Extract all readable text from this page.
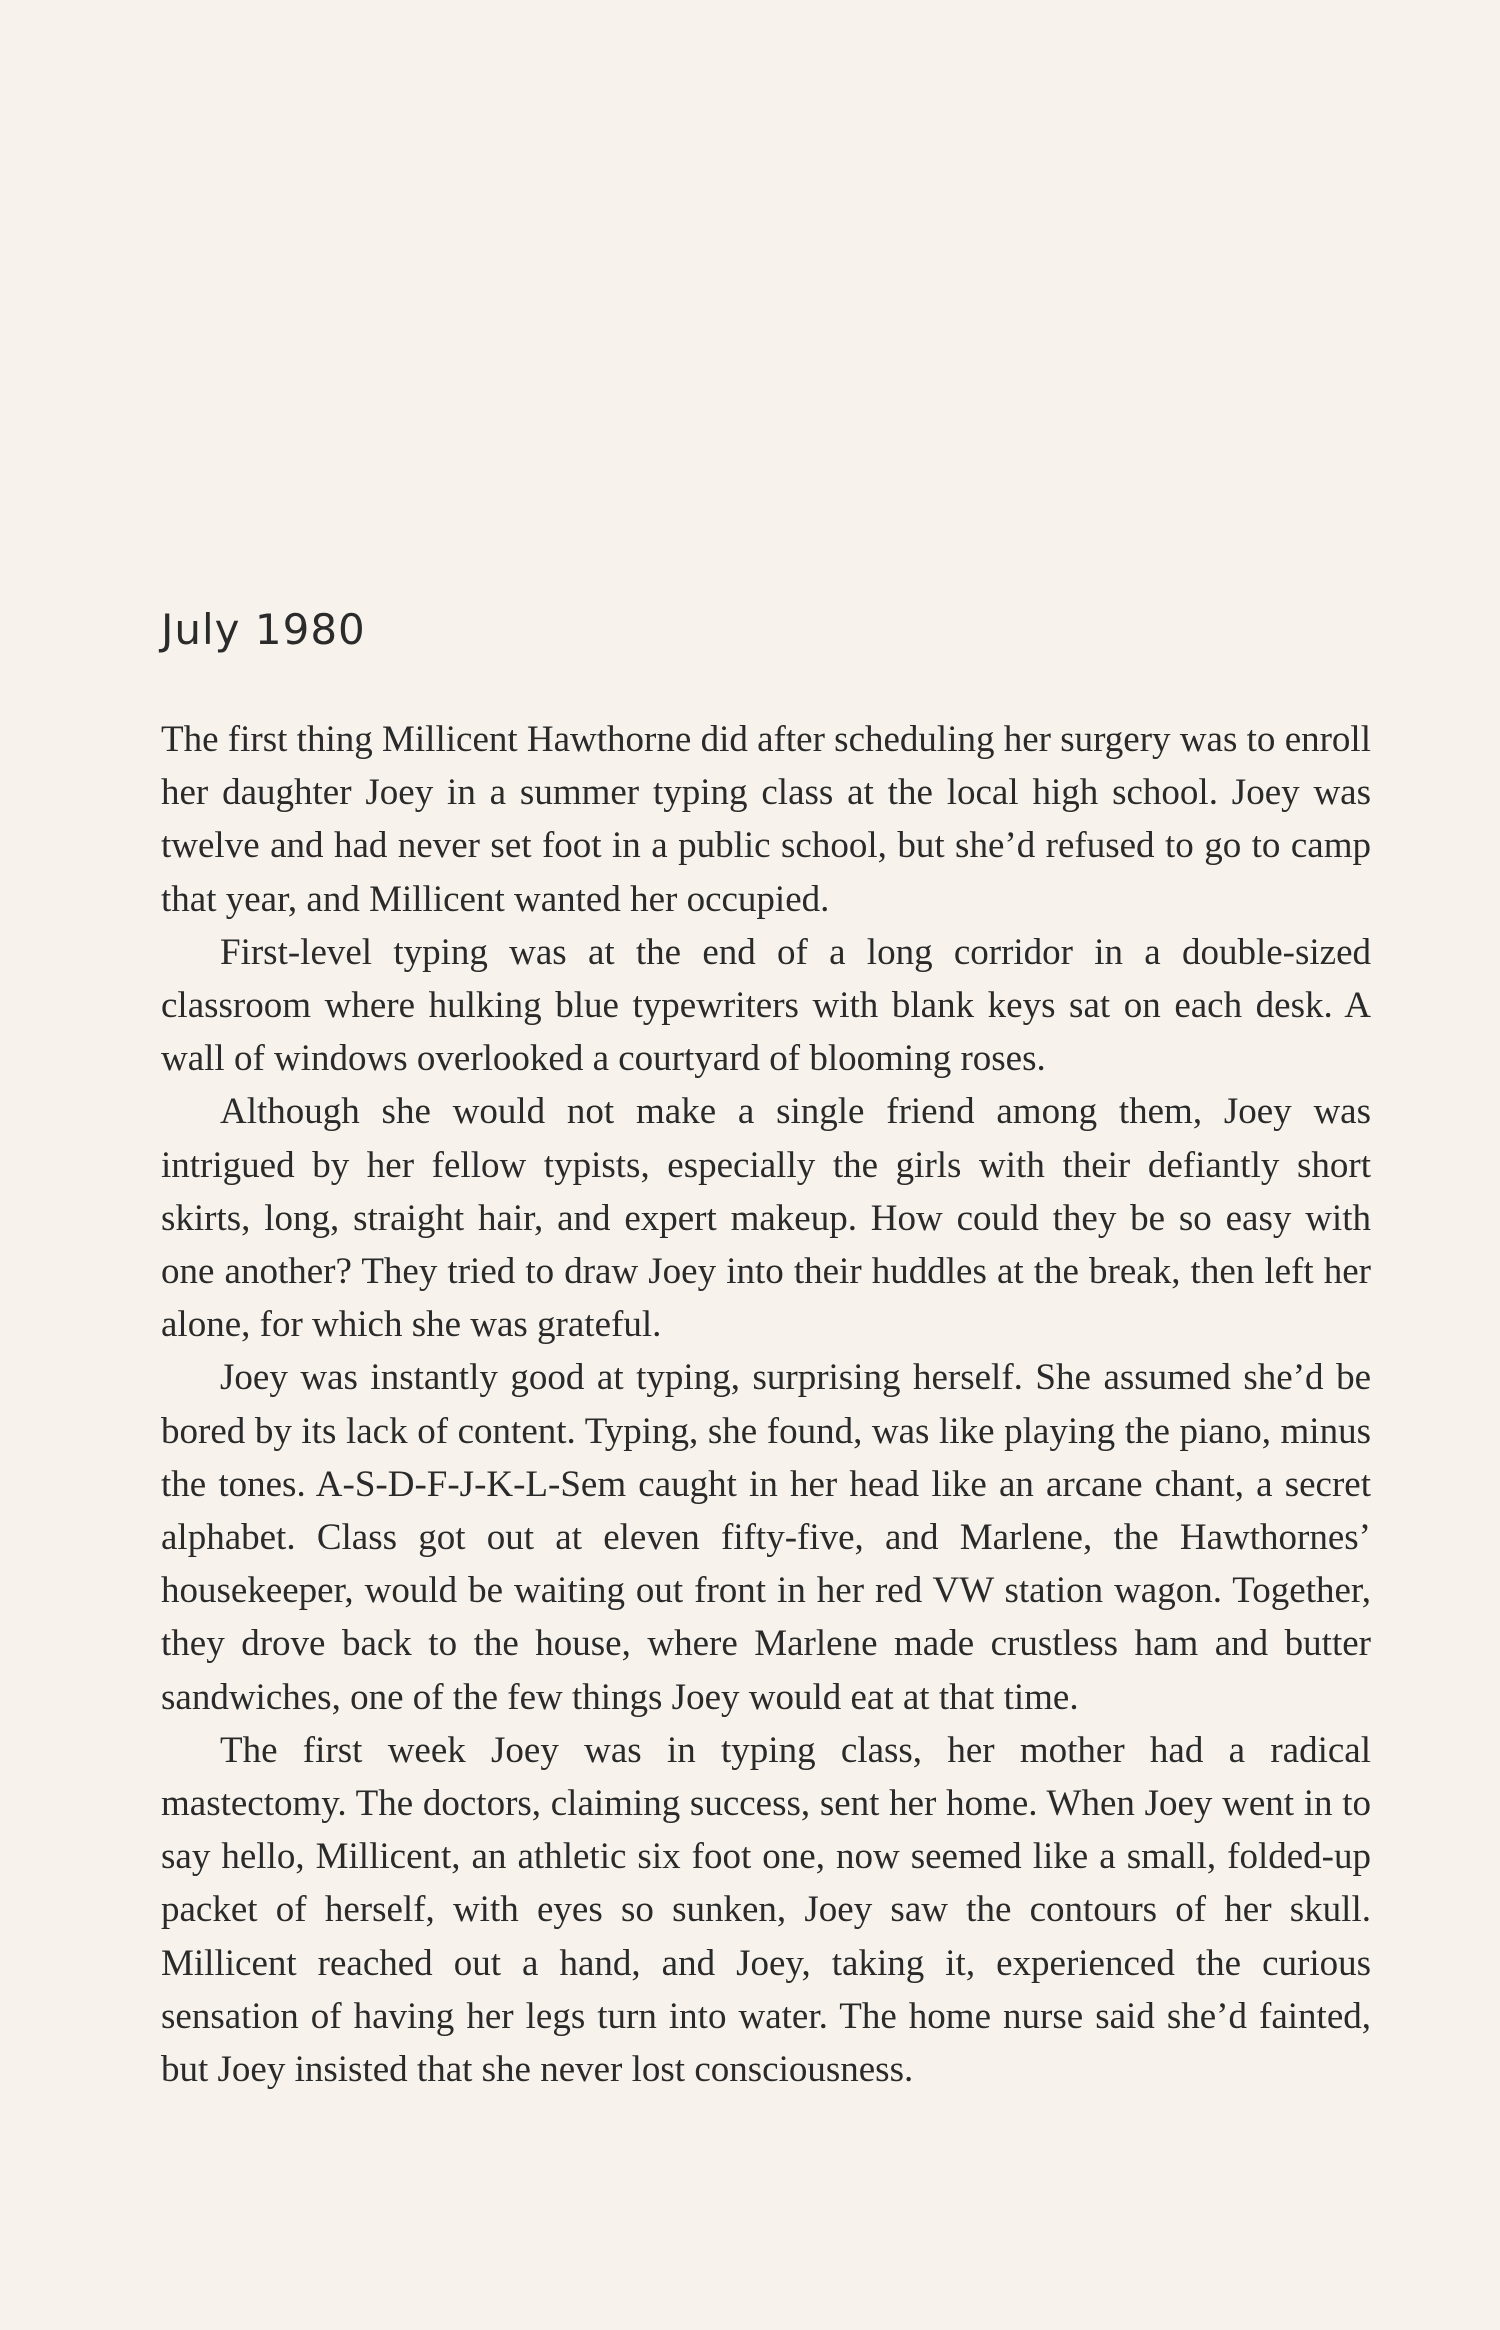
July 1980

The first thing Millicent Hawthorne did after scheduling her surgery was to enroll her daughter Joey in a summer typing class at the local high school. Joey was twelve and had never set foot in a public school, but she’d refused to go to camp that year, and Millicent wanted her occupied.

First-level typing was at the end of a long corridor in a double-sized classroom where hulking blue typewriters with blank keys sat on each desk. A wall of windows overlooked a courtyard of blooming roses.

Although she would not make a single friend among them, Joey was intrigued by her fellow typists, especially the girls with their defiantly short skirts, long, straight hair, and expert makeup. How could they be so easy with one another? They tried to draw Joey into their huddles at the break, then left her alone, for which she was grateful.

Joey was instantly good at typing, surprising herself. She assumed she’d be bored by its lack of content. Typing, she found, was like playing the piano, minus the tones. A-S-D-F-J-K-L-Sem caught in her head like an arcane chant, a secret alphabet. Class got out at eleven fifty-five, and Marlene, the Hawthornes’ housekeeper, would be waiting out front in her red VW station wagon. Together, they drove back to the house, where Marlene made crustless ham and butter sandwiches, one of the few things Joey would eat at that time.

The first week Joey was in typing class, her mother had a radical mastectomy. The doctors, claiming success, sent her home. When Joey went in to say hello, Millicent, an athletic six foot one, now seemed like a small, folded-up packet of herself, with eyes so sunken, Joey saw the contours of her skull. Millicent reached out a hand, and Joey, taking it, experienced the curious sensation of having her legs turn into water. The home nurse said she’d fainted, but Joey insisted that she never lost consciousness.
